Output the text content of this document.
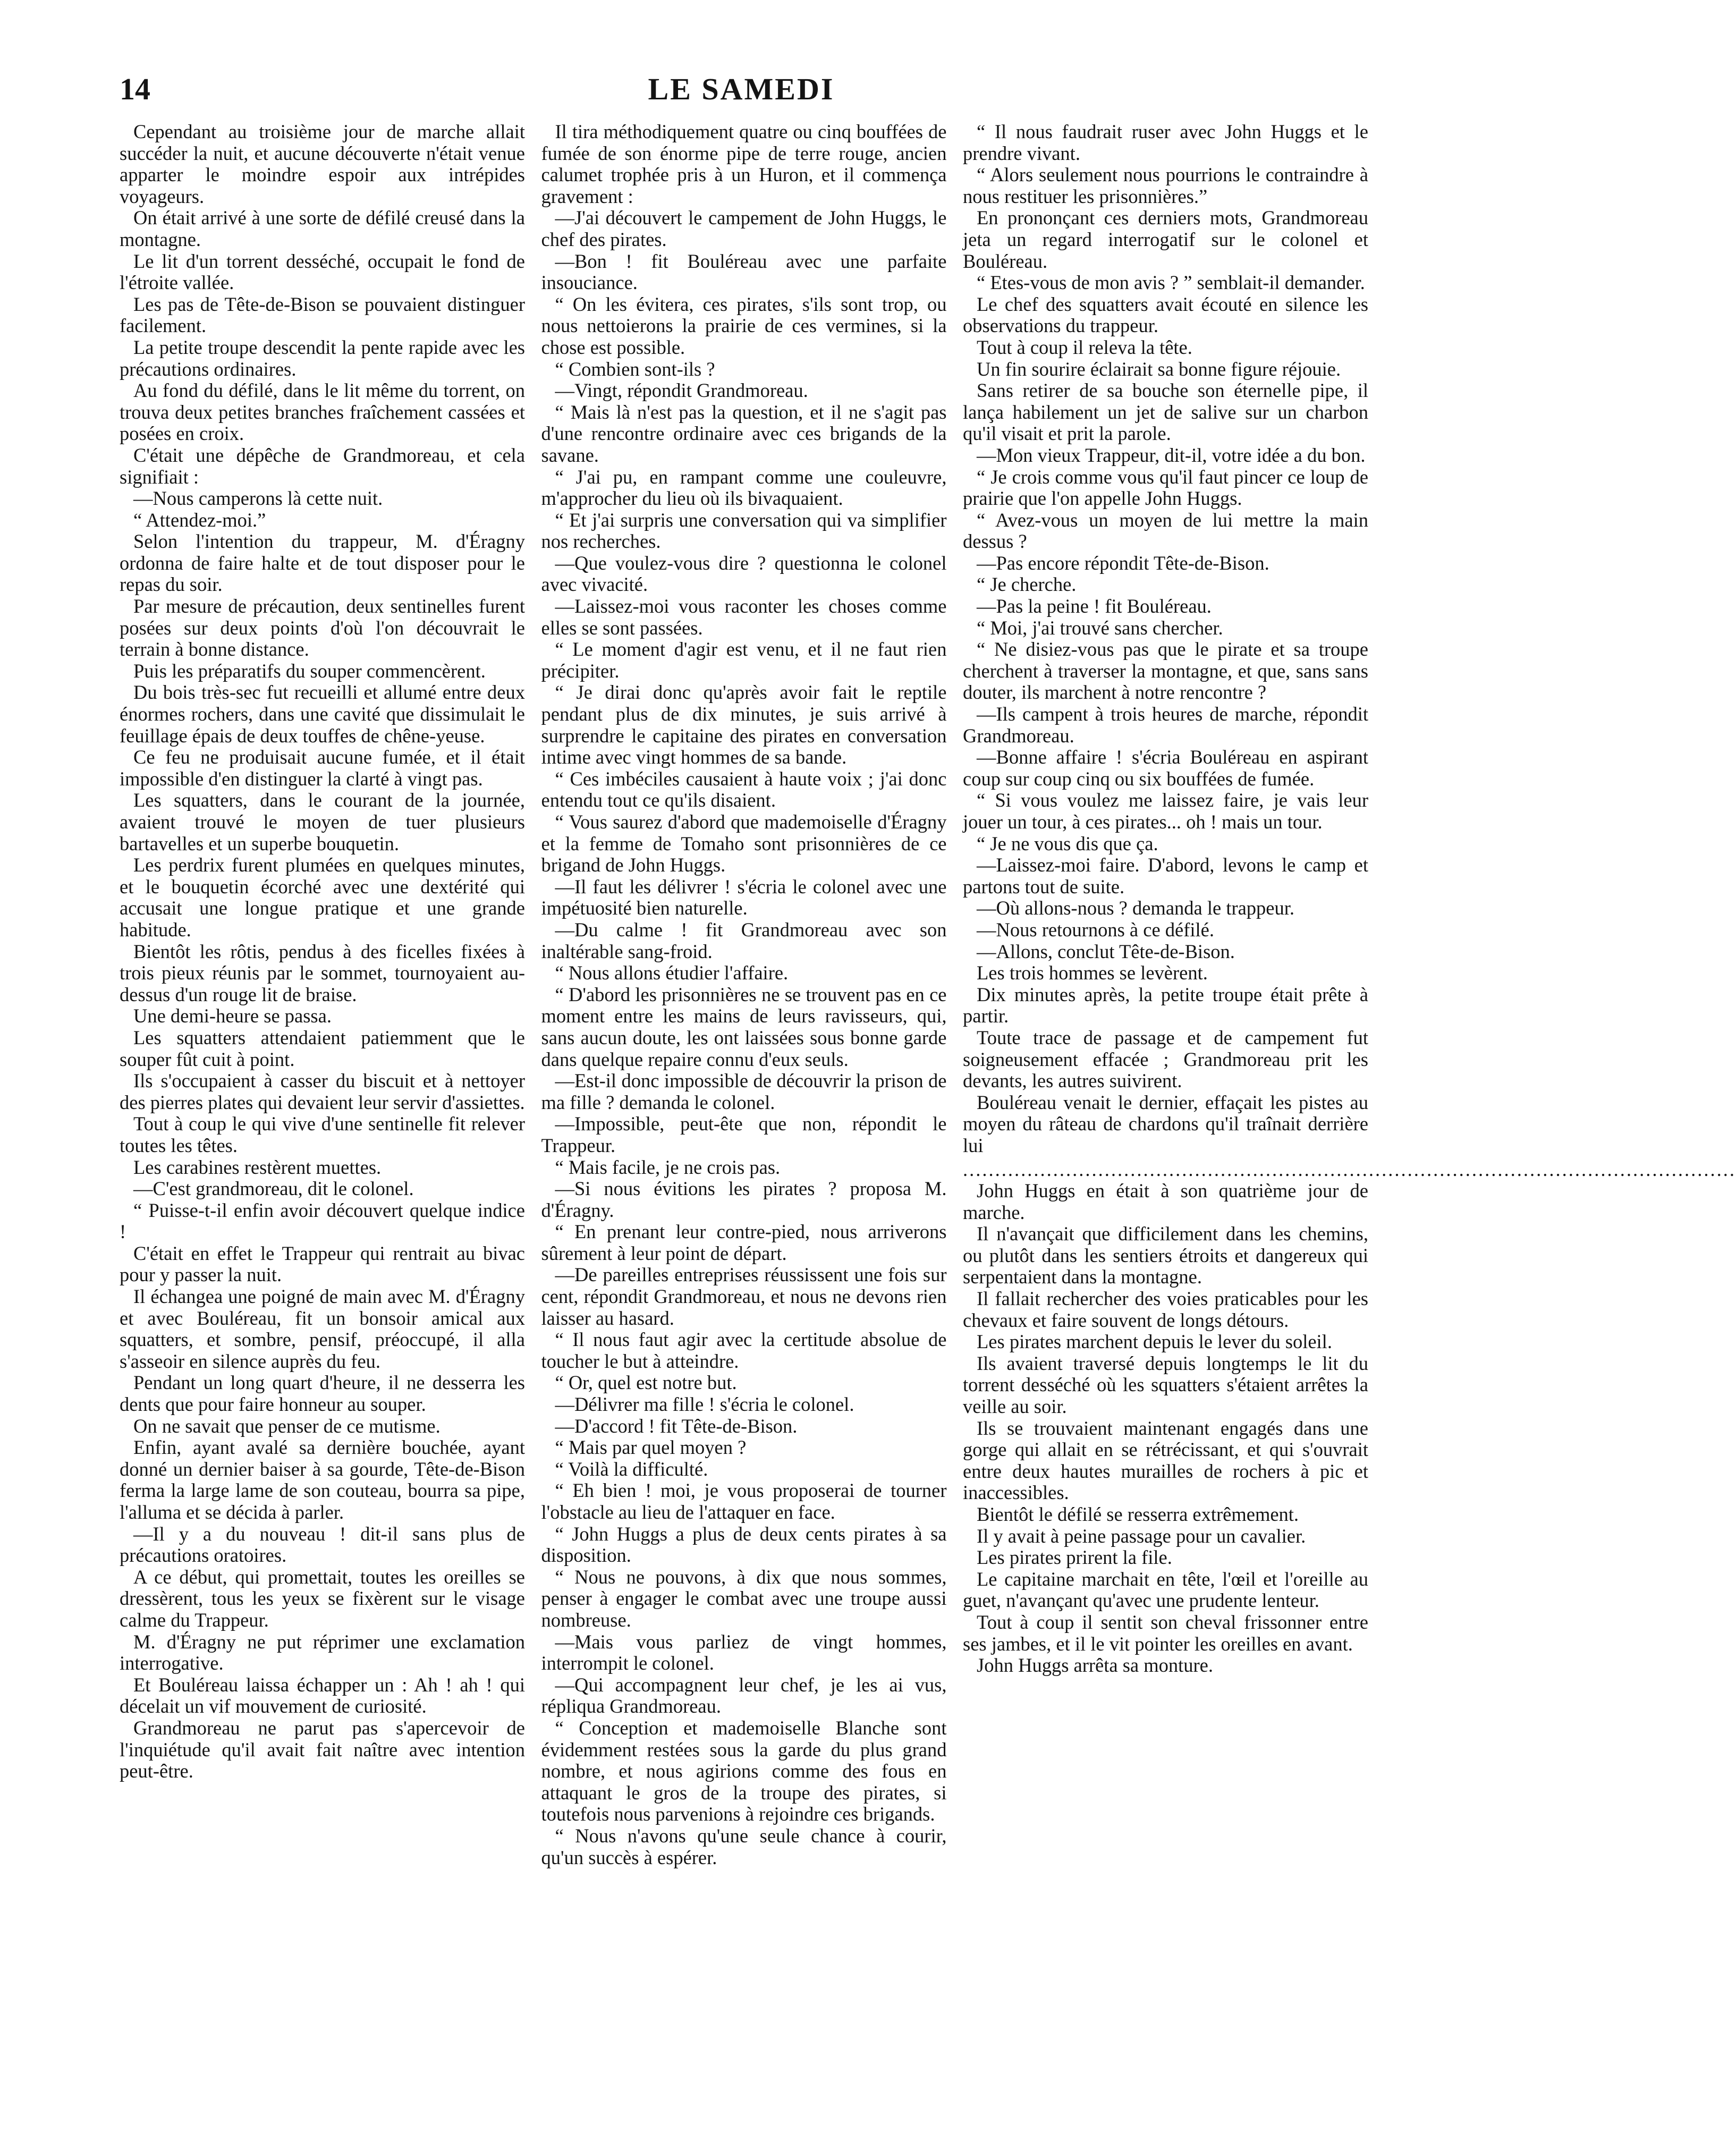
14	LE SAMEDI

Cependant au troisième jour de marche allait succéder la nuit, et aucune découverte n'était venue apparter le moindre espoir aux intrépides voyageurs.

On était arrivé à une sorte de défilé creusé dans la montagne.

Le lit d'un torrent desséché, occupait le fond de l'étroite vallée.

Les pas de Tête-de-Bison se pouvaient distinguer facilement.

La petite troupe descendit la pente rapide avec les précautions ordinaires.

Au fond du défilé, dans le lit même du torrent, on trouva deux petites branches fraîchement cassées et posées en croix.

C'était une dépêche de Grandmoreau, et cela signifiait :

—Nous camperons là cette nuit.

“ Attendez-moi.”

Selon l'intention du trappeur, M. d'Éragny ordonna de faire halte et de tout disposer pour le repas du soir.

Par mesure de précaution, deux sentinelles furent posées sur deux points d'où l'on découvrait le terrain à bonne distance.

Puis les préparatifs du souper commencèrent.

Du bois très-sec fut recueilli et allumé entre deux énormes rochers, dans une cavité que dissimulait le feuillage épais de deux touffes de chêne-yeuse.

Ce feu ne produisait aucune fumée, et il était impossible d'en distinguer la clarté à vingt pas.

Les squatters, dans le courant de la journée, avaient trouvé le moyen de tuer plusieurs bartavelles et un superbe bouquetin.

Les perdrix furent plumées en quelques minutes, et le bouquetin écorché avec une dextérité qui accusait une longue pratique et une grande habitude.

Bientôt les rôtis, pendus à des ficelles fixées à trois pieux réunis par le sommet, tournoyaient au-dessus d'un rouge lit de braise.

Une demi-heure se passa.

Les squatters attendaient patiemment que le souper fût cuit à point.

Ils s'occupaient à casser du biscuit et à nettoyer des pierres plates qui devaient leur servir d'assiettes.

Tout à coup le qui vive d'une sentinelle fit relever toutes les têtes.

Les carabines restèrent muettes.

—C'est grandmoreau, dit le colonel.

“ Puisse-t-il enfin avoir découvert quelque indice !

C'était en effet le Trappeur qui rentrait au bivac pour y passer la nuit.

Il échangea une poigné de main avec M. d'Éragny et avec Bouléreau, fit un bonsoir amical aux squatters, et sombre, pensif, préoccupé, il alla s'asseoir en silence auprès du feu.

Pendant un long quart d'heure, il ne desserra les dents que pour faire honneur au souper.

On ne savait que penser de ce mutisme.

Enfin, ayant avalé sa dernière bouchée, ayant donné un dernier baiser à sa gourde, Tête-de-Bison ferma la large lame de son couteau, bourra sa pipe, l'alluma et se décida à parler.

—Il y a du nouveau ! dit-il sans plus de précautions oratoires.

A ce début, qui promettait, toutes les oreilles se dressèrent, tous les yeux se fixèrent sur le visage calme du Trappeur.

M. d'Éragny ne put réprimer une exclamation interrogative.

Et Bouléreau laissa échapper un : Ah ! ah ! qui décelait un vif mouvement de curiosité.

Grandmoreau ne parut pas s'apercevoir de l'inquiétude qu'il avait fait naître avec intention peut-être.

Il tira méthodiquement quatre ou cinq bouffées de fumée de son énorme pipe de terre rouge, ancien calumet trophée pris à un Huron, et il commença gravement :

—J'ai découvert le campement de John Huggs, le chef des pirates.

—Bon ! fit Bouléreau avec une parfaite insouciance.

“ On les évitera, ces pirates, s'ils sont trop, ou nous nettoierons la prairie de ces vermines, si la chose est possible.

“ Combien sont-ils ?

—Vingt, répondit Grandmoreau.

“ Mais là n'est pas la question, et il ne s'agit pas d'une rencontre ordinaire avec ces brigands de la savane.

“ J'ai pu, en rampant comme une couleuvre, m'approcher du lieu où ils bivaquaient.

“ Et j'ai surpris une conversation qui va simplifier nos recherches.

—Que voulez-vous dire ? questionna le colonel avec vivacité.

—Laissez-moi vous raconter les choses comme elles se sont passées.

“ Le moment d'agir est venu, et il ne faut rien précipiter.

“ Je dirai donc qu'après avoir fait le reptile pendant plus de dix minutes, je suis arrivé à surprendre le capitaine des pirates en conversation intime avec vingt hommes de sa bande.

“ Ces imbéciles causaient à haute voix ; j'ai donc entendu tout ce qu'ils disaient.

“ Vous saurez d'abord que mademoiselle d'Éragny et la femme de Tomaho sont prisonnières de ce brigand de John Huggs.

—Il faut les délivrer ! s'écria le colonel avec une impétuosité bien naturelle.

—Du calme ! fit Grandmoreau avec son inaltérable sang-froid.

“ Nous allons étudier l'affaire.

“ D'abord les prisonnières ne se trouvent pas en ce moment entre les mains de leurs ravisseurs, qui, sans aucun doute, les ont laissées sous bonne garde dans quelque repaire connu d'eux seuls.

—Est-il donc impossible de découvrir la prison de ma fille ? demanda le colonel.

—Impossible, peut-ête que non, répondit le Trappeur.

“ Mais facile, je ne crois pas.

—Si nous évitions les pirates ? proposa M. d'Éragny.

“ En prenant leur contre-pied, nous arriverons sûrement à leur point de départ.

—De pareilles entreprises réussissent une fois sur cent, répondit Grandmoreau, et nous ne devons rien laisser au hasard.

“ Il nous faut agir avec la certitude absolue de toucher le but à atteindre.

“ Or, quel est notre but.

—Délivrer ma fille ! s'écria le colonel.

—D'accord ! fit Tête-de-Bison.

“ Mais par quel moyen ?

“ Voilà la difficulté.

“ Eh bien ! moi, je vous proposerai de tourner l'obstacle au lieu de l'attaquer en face.

“ John Huggs a plus de deux cents pirates à sa disposition.

“ Nous ne pouvons, à dix que nous sommes, penser à engager le combat avec une troupe aussi nombreuse.

—Mais vous parliez de vingt hommes, interrompit le colonel.

—Qui accompagnent leur chef, je les ai vus, répliqua Grandmoreau.

“ Conception et mademoiselle Blanche sont évidemment restées sous la garde du plus grand nombre, et nous agirions comme des fous en attaquant le gros de la troupe des pirates, si toutefois nous parvenions à rejoindre ces brigands.

“ Nous n'avons qu'une seule chance à courir, qu'un succès à espérer.

“ Il nous faudrait ruser avec John Huggs et le prendre vivant.

“ Alors seulement nous pourrions le contraindre à nous restituer les prisonnières.”

En prononçant ces derniers mots, Grandmoreau jeta un regard interrogatif sur le colonel et Bouléreau.

“ Etes-vous de mon avis ? ” semblait-il demander.

Le chef des squatters avait écouté en silence les observations du trappeur.

Tout à coup il releva la tête.

Un fin sourire éclairait sa bonne figure réjouie.

Sans retirer de sa bouche son éternelle pipe, il lança habilement un jet de salive sur un charbon qu'il visait et prit la parole.

—Mon vieux Trappeur, dit-il, votre idée a du bon.

“ Je crois comme vous qu'il faut pincer ce loup de prairie que l'on appelle John Huggs.

“ Avez-vous un moyen de lui mettre la main dessus ?

—Pas encore répondit Tête-de-Bison.

“ Je cherche.

—Pas la peine ! fit Bouléreau.

“ Moi, j'ai trouvé sans chercher.

“ Ne disiez-vous pas que le pirate et sa troupe cherchent à traverser la montagne, et que, sans sans douter, ils marchent à notre rencontre ?

—Ils campent à trois heures de marche, répondit Grandmoreau.

—Bonne affaire ! s'écria Bouléreau en aspirant coup sur coup cinq ou six bouffées de fumée.

“ Si vous voulez me laissez faire, je vais leur jouer un tour, à ces pirates... oh ! mais un tour.

“ Je ne vous dis que ça.

—Laissez-moi faire. D'abord, levons le camp et partons tout de suite.

—Où allons-nous ? demanda le trappeur.

—Nous retournons à ce défilé.

—Allons, conclut Tête-de-Bison.

Les trois hommes se levèrent.

Dix minutes après, la petite troupe était prête à partir.

Toute trace de passage et de campement fut soigneusement effacée ; Grandmoreau prit les devants, les autres suivirent.

Bouléreau venait le dernier, effaçait les pistes au moyen du râteau de chardons qu'il traînait derrière lui

........................................................................................................................

John Huggs en était à son quatrième jour de marche.

Il n'avançait que difficilement dans les chemins, ou plutôt dans les sentiers étroits et dangereux qui serpentaient dans la montagne.

Il fallait rechercher des voies praticables pour les chevaux et faire souvent de longs détours.

Les pirates marchent depuis le lever du soleil.

Ils avaient traversé depuis longtemps le lit du torrent desséché où les squatters s'étaient arrêtes la veille au soir.

Ils se trouvaient maintenant engagés dans une gorge qui allait en se rétrécissant, et qui s'ouvrait entre deux hautes murailles de rochers à pic et inaccessibles.

Bientôt le défilé se resserra extrêmement.

Il y avait à peine passage pour un cavalier.

Les pirates prirent la file.

Le capitaine marchait en tête, l'œil et l'oreille au guet, n'avançant qu'avec une prudente lenteur.

Tout à coup il sentit son cheval frissonner entre ses jambes, et il le vit pointer les oreilles en avant.

John Huggs arrêta sa monture.
